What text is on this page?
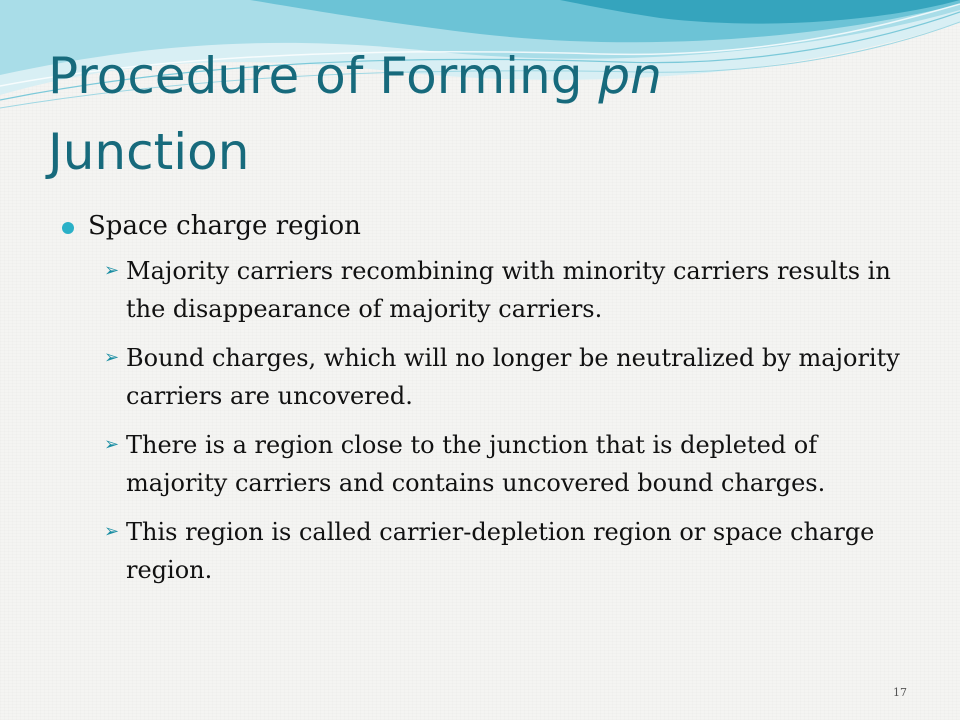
Procedure of Forming pn
Junction
Space charge region
➢ Majority carriers recombining with minority carriers results in the disappearance of majority carriers.
➢ Bound charges, which will no longer be neutralized by majority carriers are uncovered.
➢ There is a region close to the junction that is depleted of majority carriers and contains uncovered bound charges.
➢ This region is called carrier-depletion region or space charge region.
17
